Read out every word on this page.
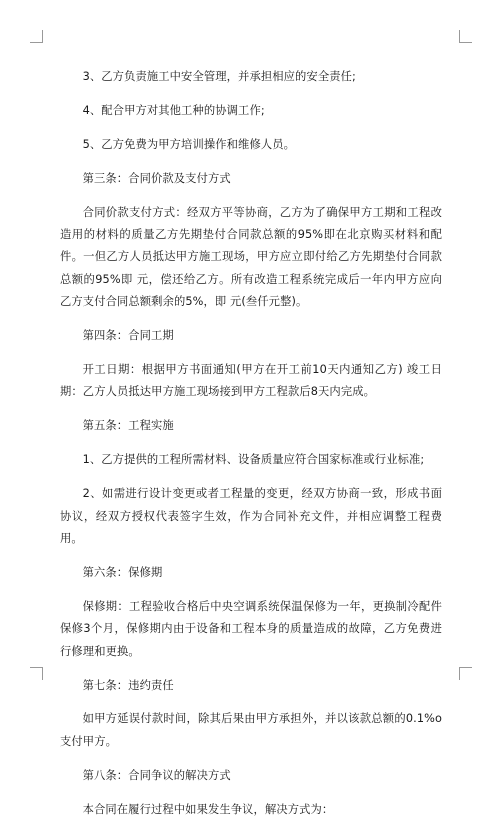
3、乙方负责施工中安全管理，并承担相应的安全责任;

4、配合甲方对其他工种的协调工作;

5、乙方免费为甲方培训操作和维修人员。

第三条：合同价款及支付方式

合同价款支付方式：经双方平等协商，乙方为了确保甲方工期和工程改造用的材料的质量乙方先期垫付合同款总额的95%即在北京购买材料和配件。一但乙方人员抵达甲方施工现场，甲方应立即付给乙方先期垫付合同款总额的95%即 元，偿还给乙方。所有改造工程系统完成后一年内甲方应向乙方支付合同总额剩余的5%，即 元(叁仟元整)。

第四条：合同工期

开工日期：根据甲方书面通知(甲方在开工前10天内通知乙方) 竣工日期：乙方人员抵达甲方施工现场接到甲方工程款后8天内完成。

第五条：工程实施

1、乙方提供的工程所需材料、设备质量应符合国家标准或行业标准;

2、如需进行设计变更或者工程量的变更，经双方协商一致，形成书面协议，经双方授权代表签字生效，作为合同补充文件，并相应调整工程费用。

第六条：保修期

保修期：工程验收合格后中央空调系统保温保修为一年，更换制冷配件保修3个月，保修期内由于设备和工程本身的质量造成的故障，乙方免费进行修理和更换。

第七条：违约责任

如甲方延误付款时间，除其后果由甲方承担外，并以该款总额的0.1%o支付甲方。

第八条：合同争议的解决方式

本合同在履行过程中如果发生争议，解决方式为：
